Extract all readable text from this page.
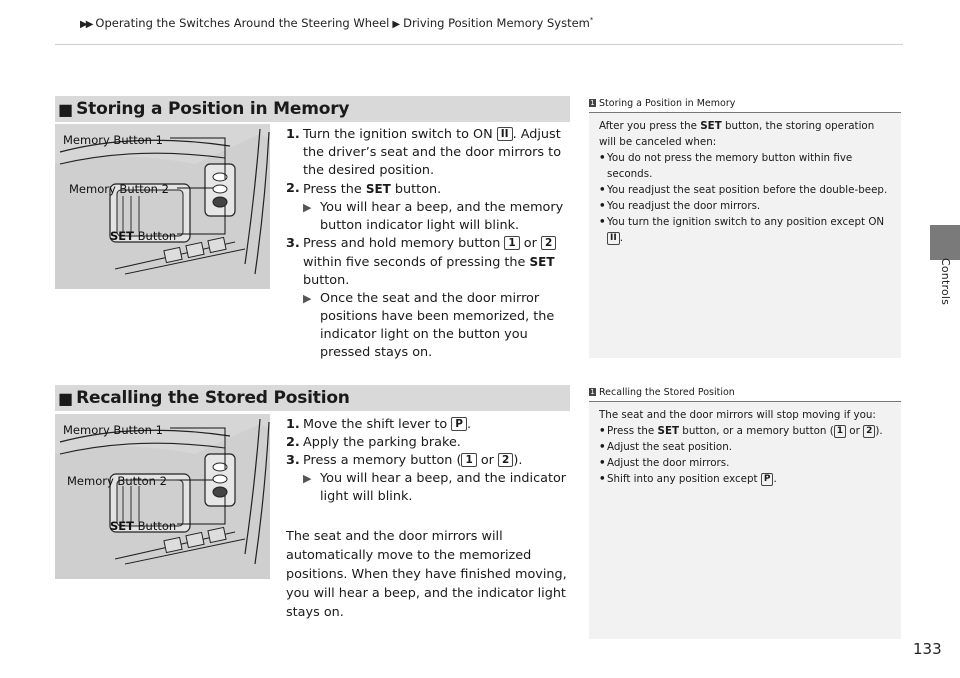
▶▶ Operating the Switches Around the Steering Wheel ▶ Driving Position Memory System*
Controls
133
■ Storing a Position in Memory
Memory Button 1
Memory Button 2
SET Button
1. Turn the ignition switch to ON II . Adjust the driver’s seat and the door mirrors to the desired position.
2. Press the SET button.
▶ You will hear a beep, and the memory button indicator light will blink.
3. Press and hold memory button 1 or 2 within five seconds of pressing the SET button.
▶ Once the seat and the door mirror positions have been memorized, the indicator light on the button you pressed stays on.
1 Storing a Position in Memory
After you press the SET button, the storing operation will be canceled when:
• You do not press the memory button within five seconds.
• You readjust the seat position before the double-beep.
• You readjust the door mirrors.
• You turn the ignition switch to any position except ON II .
■ Recalling the Stored Position
Memory Button 1
Memory Button 2
SET Button
1. Move the shift lever to P .
2. Apply the parking brake.
3. Press a memory button ( 1 or 2 ).
▶ You will hear a beep, and the indicator light will blink.
The seat and the door mirrors will automatically move to the memorized positions. When they have finished moving, you will hear a beep, and the indicator light stays on.
1 Recalling the Stored Position
The seat and the door mirrors will stop moving if you:
• Press the SET button, or a memory button ( 1 or 2 ).
• Adjust the seat position.
• Adjust the door mirrors.
• Shift into any position except P .
